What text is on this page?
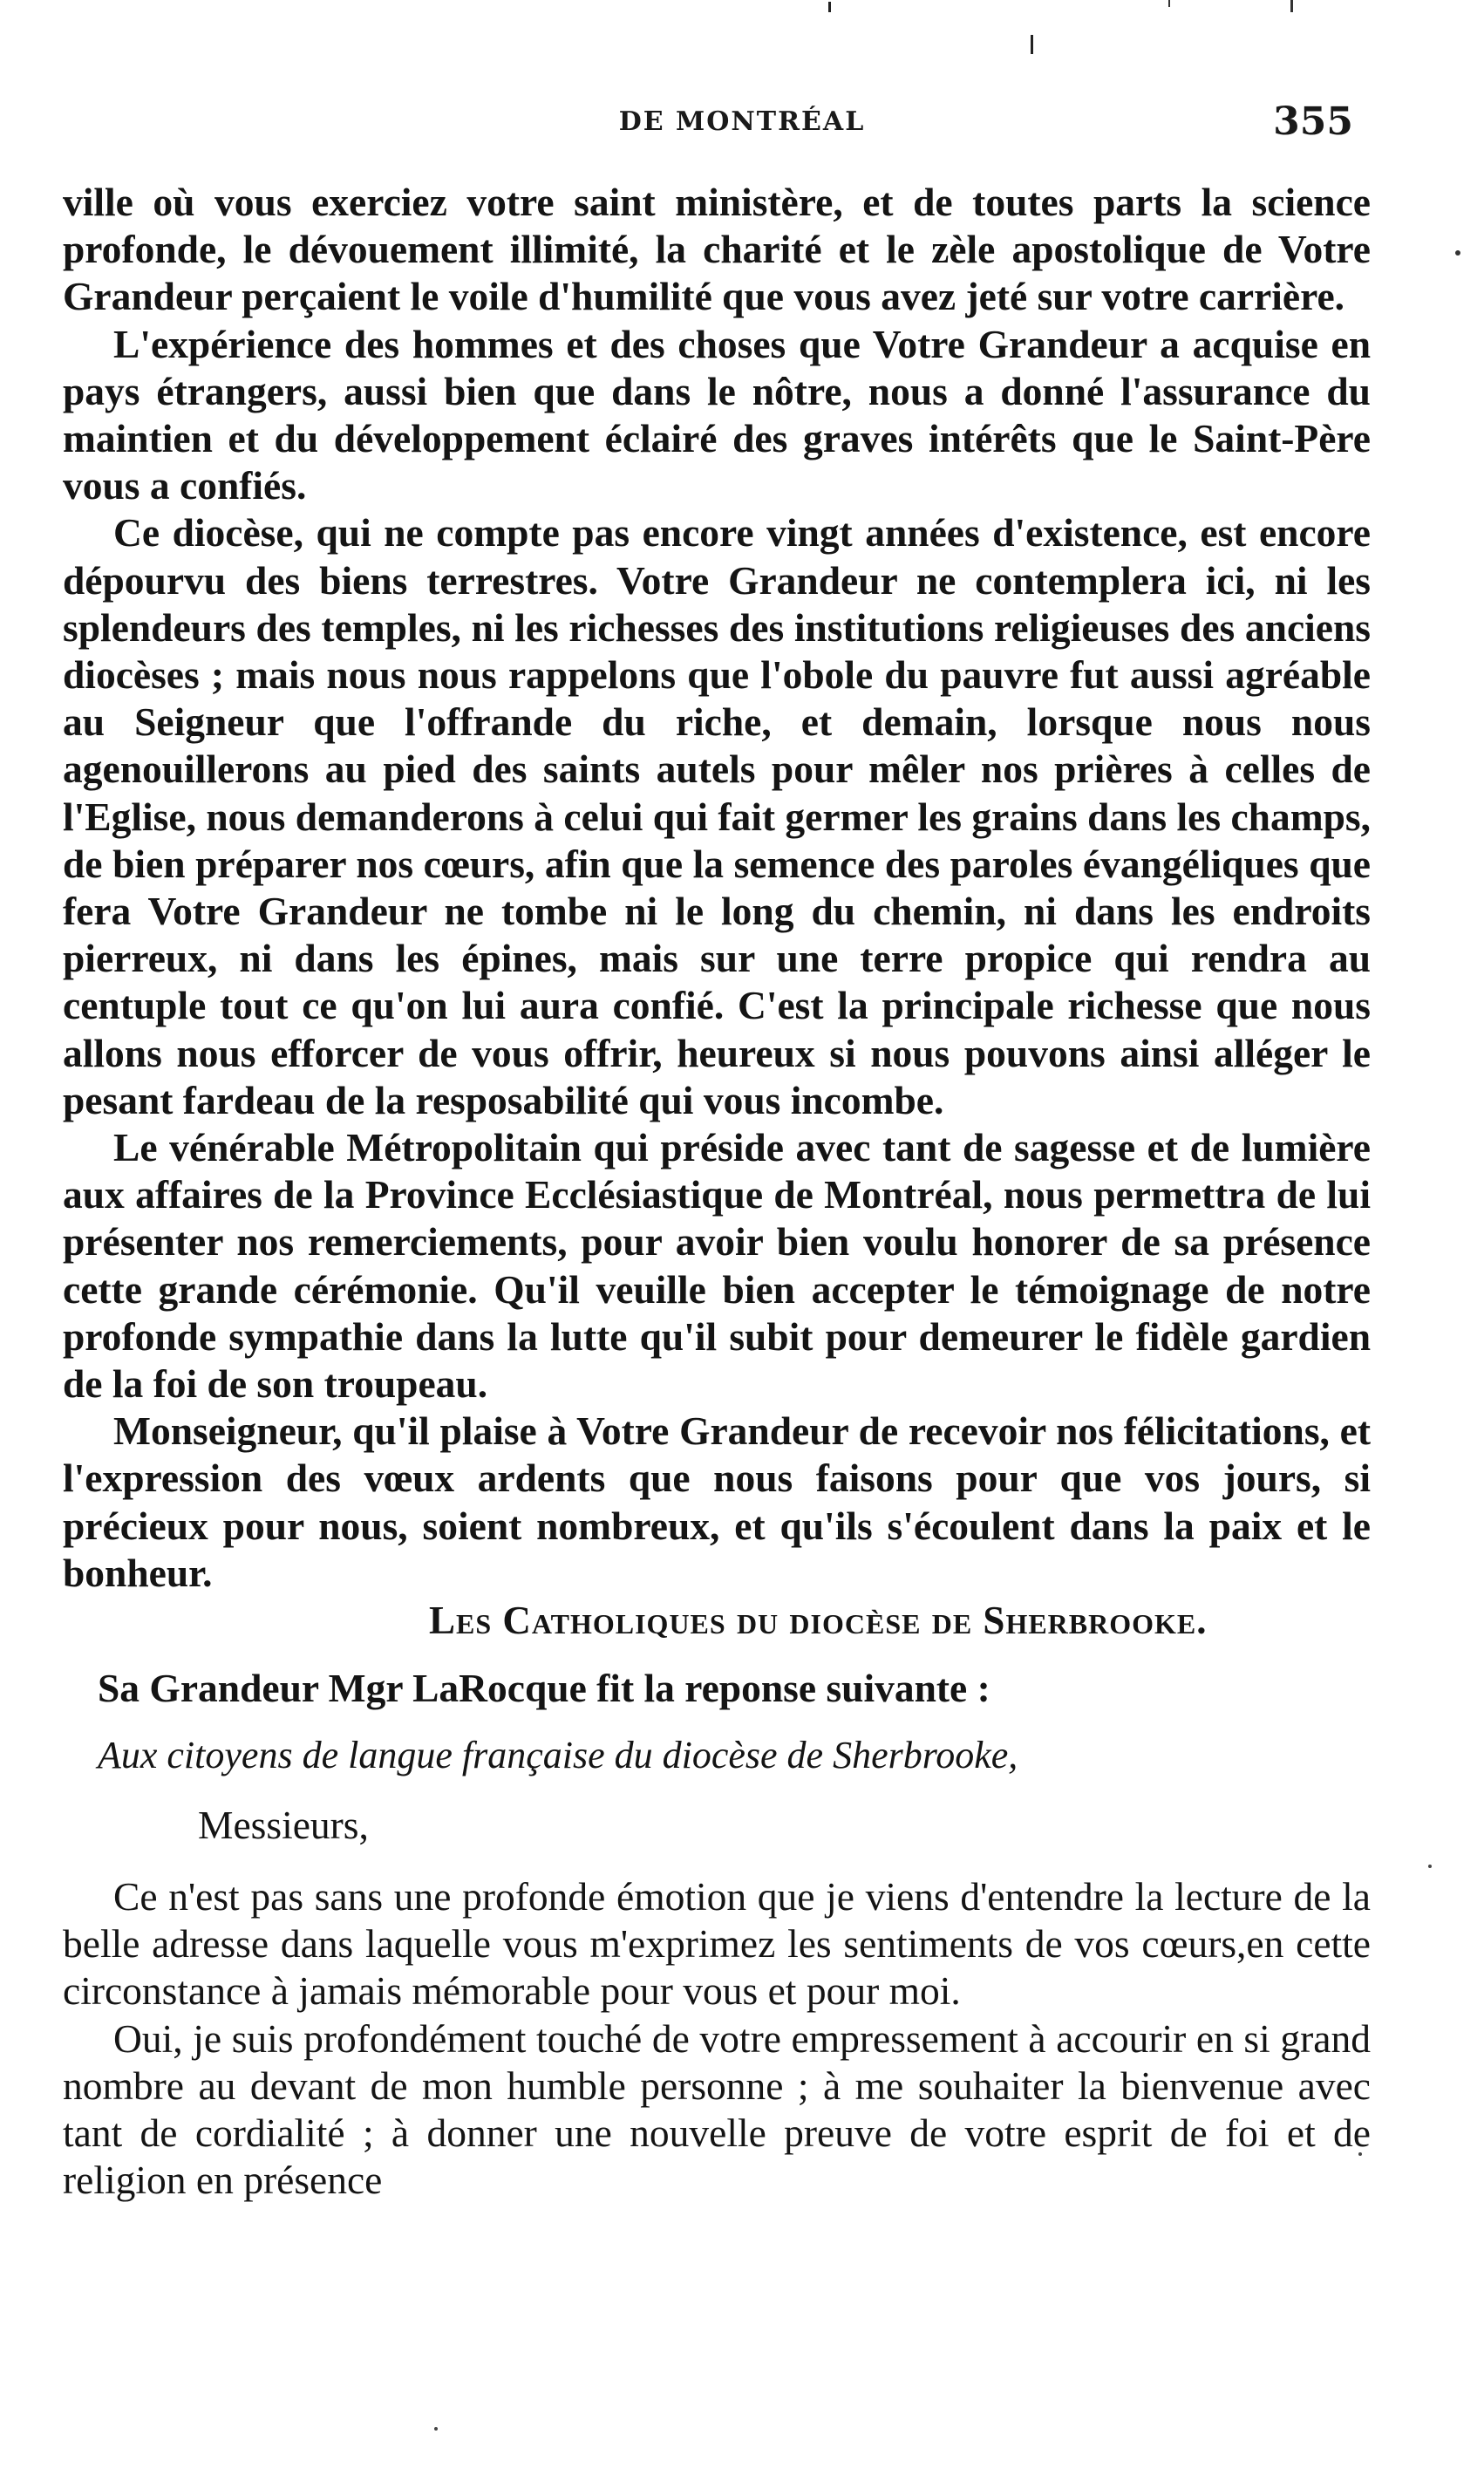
DE MONTRÉAL	355

ville où vous exerciez votre saint ministère, et de toutes parts la science profonde, le dévouement illimité, la charité et le zèle apostolique de Votre Grandeur perçaient le voile d'humilité que vous avez jeté sur votre carrière.

L'expérience des hommes et des choses que Votre Grandeur a acquise en pays étrangers, aussi bien que dans le nôtre, nous a donné l'assurance du maintien et du développement éclairé des graves intérêts que le Saint-Père vous a confiés.

Ce diocèse, qui ne compte pas encore vingt années d'existence, est encore dépourvu des biens terrestres. Votre Grandeur ne contemplera ici, ni les splendeurs des temples, ni les richesses des institutions religieuses des anciens diocèses ; mais nous nous rappelons que l'obole du pauvre fut aussi agréable au Seigneur que l'offrande du riche, et demain, lorsque nous nous agenouillerons au pied des saints autels pour mêler nos prières à celles de l'Eglise, nous demanderons à celui qui fait germer les grains dans les champs, de bien préparer nos cœurs, afin que la semence des paroles évangéliques que fera Votre Grandeur ne tombe ni le long du chemin, ni dans les endroits pierreux, ni dans les épines, mais sur une terre propice qui rendra au centuple tout ce qu'on lui aura confié. C'est la principale richesse que nous allons nous efforcer de vous offrir, heureux si nous pouvons ainsi alléger le pesant fardeau de la resposabilité qui vous incombe.

Le vénérable Métropolitain qui préside avec tant de sagesse et de lumière aux affaires de la Province Ecclésiastique de Montréal, nous permettra de lui présenter nos remerciements, pour avoir bien voulu honorer de sa présence cette grande cérémonie. Qu'il veuille bien accepter le témoignage de notre profonde sympathie dans la lutte qu'il subit pour demeurer le fidèle gardien de la foi de son troupeau.

Monseigneur, qu'il plaise à Votre Grandeur de recevoir nos félicitations, et l'expression des vœux ardents que nous faisons pour que vos jours, si précieux pour nous, soient nombreux, et qu'ils s'écoulent dans la paix et le bonheur.

Les Catholiques du diocèse de Sherbrooke.

Sa Grandeur Mgr LaRocque fit la reponse suivante :

Aux citoyens de langue française du diocèse de Sherbrooke,

Messieurs,

Ce n'est pas sans une profonde émotion que je viens d'entendre la lecture de la belle adresse dans laquelle vous m'exprimez les sentiments de vos cœurs,en cette circonstance à jamais mémorable pour vous et pour moi.

Oui, je suis profondément touché de votre empressement à accourir en si grand nombre au devant de mon humble personne ; à me souhaiter la bienvenue avec tant de cordialité ; à donner une nouvelle preuve de votre esprit de foi et de religion en présence
